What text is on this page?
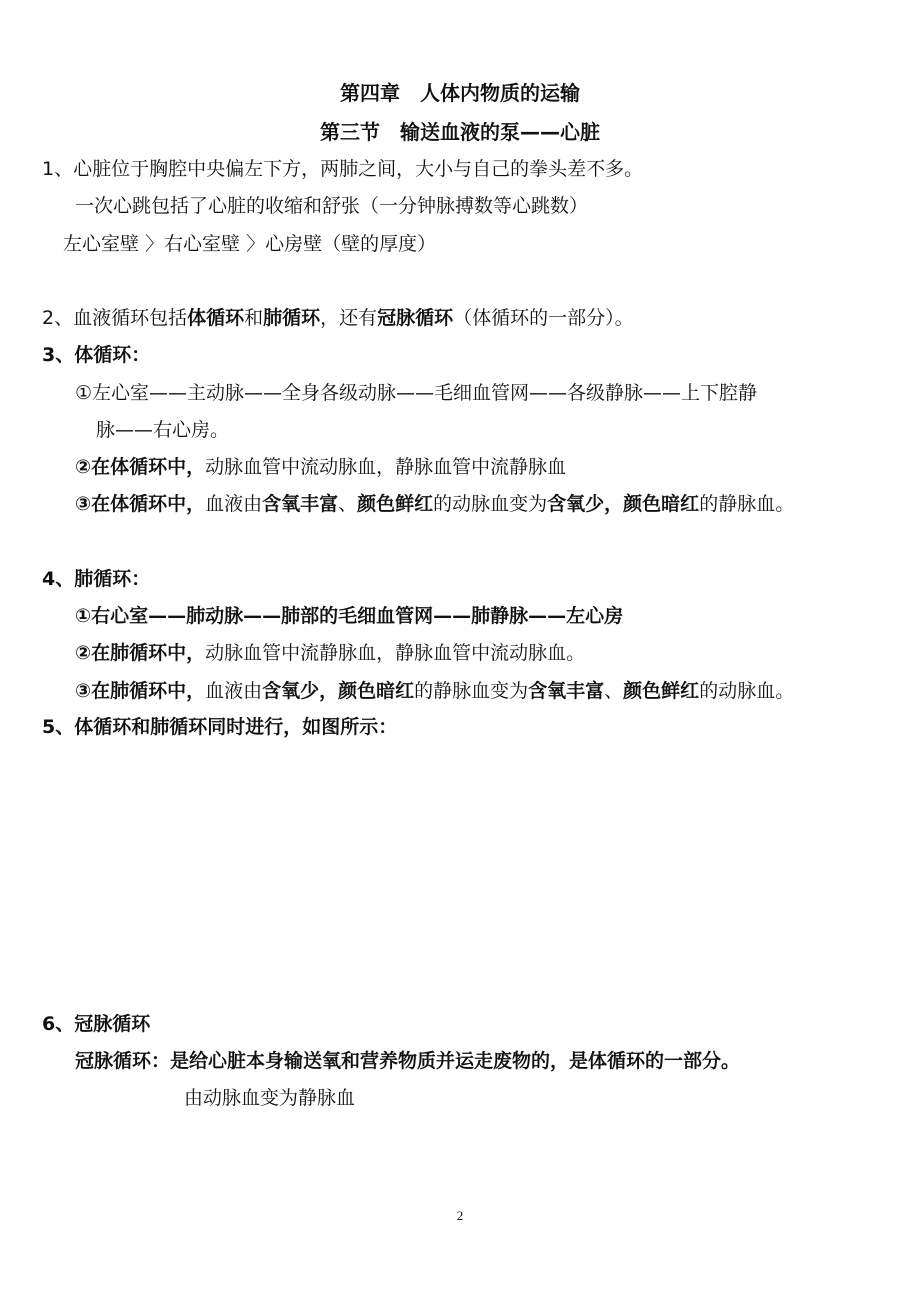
第四章　人体内物质的运输
第三节　输送血液的泵——心脏
1、心脏位于胸腔中央偏左下方，两肺之间，大小与自己的拳头差不多。
一次心跳包括了心脏的收缩和舒张（一分钟脉搏数等心跳数）
左心室壁 〉右心室壁 〉心房壁（壁的厚度）
2、血液循环包括体循环和肺循环，还有冠脉循环（体循环的一部分）。
3、体循环：
①左心室——主动脉——全身各级动脉——毛细血管网——各级静脉——上下腔静
脉——右心房。
②在体循环中，动脉血管中流动脉血，静脉血管中流静脉血
③在体循环中，血液由含氧丰富、颜色鲜红的动脉血变为含氧少，颜色暗红的静脉血。
4、肺循环：
①右心室——肺动脉——肺部的毛细血管网——肺静脉——左心房
②在肺循环中，动脉血管中流静脉血，静脉血管中流动脉血。
③在肺循环中，血液由含氧少，颜色暗红的静脉血变为含氧丰富、颜色鲜红的动脉血。
5、体循环和肺循环同时进行，如图所示：
6、冠脉循环
冠脉循环：是给心脏本身输送氧和营养物质并运走废物的，是体循环的一部分。
由动脉血变为静脉血
2
